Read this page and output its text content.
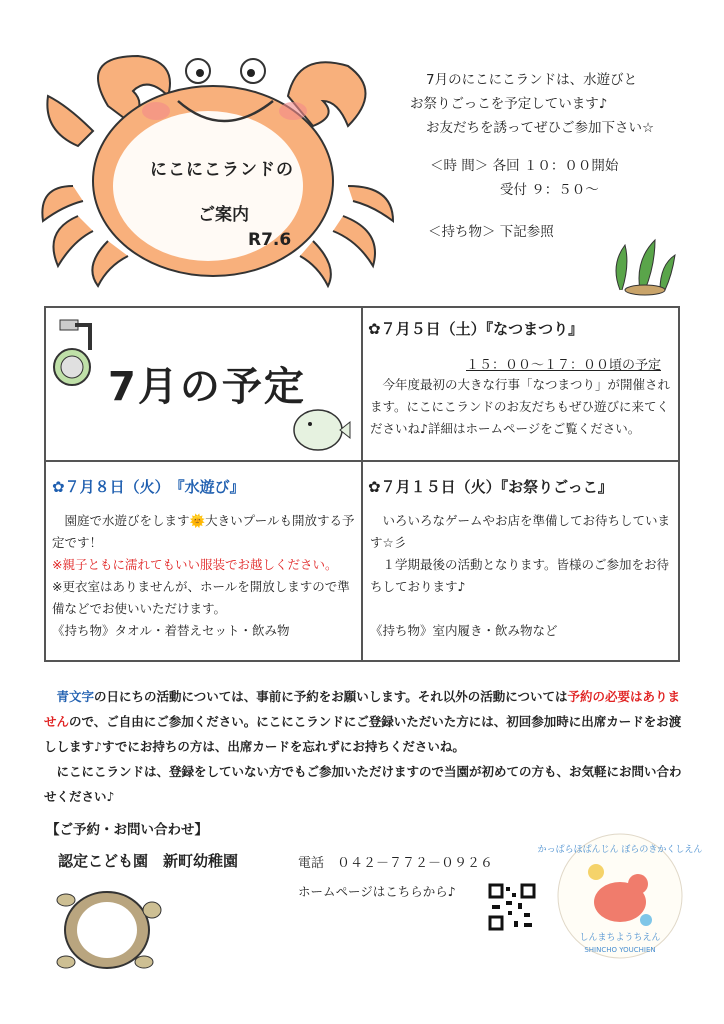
にこにこランドの
ご案内
R7.6
7月のにこにこランドは、水遊びと
お祭りごっこを予定しています♪
お友だちを誘ってぜひご参加下さい☆
＜時 間＞ 各回 １０：００開始
受付 ９：５０～
＜持ち物＞ 下記参照
7月の予定
✿７月５日（土）『なつまつり』
１５：００～１７：００頃の予定
今年度最初の大きな行事「なつまつり」が開催されます。にこにこランドのお友だちもぜひ遊びに来てくださいね♪詳細はホームページをご覧ください。
✿７月８日（火）　『水遊び』
園庭で水遊びをします🌞大きいプールも開放する予定です！
※親子ともに濡れてもいい服装でお越しください。
※更衣室はありませんが、ホールを開放しますので準備などでお使いいただけます。
《持ち物》タオル・着替えセット・飲み物
✿７月１５日（火）『お祭りごっこ』
いろいろなゲームやお店を準備してお待ちしています☆彡
１学期最後の活動となります。皆様のご参加をお待ちしております♪
《持ち物》室内履き・飲み物など
青文字の日にちの活動については、事前に予約をお願いします。それ以外の活動については予約の必要はありませんので、ご自由にご参加ください。にこにこランドにご登録いただいた方には、初回参加時に出席カードをお渡しします♪すでにお持ちの方は、出席カードを忘れずにお持ちくださいね。
にこにこランドは、登録をしていない方でもご参加いただけますので当園が初めての方も、お気軽にお問い合わせください♪
【ご予約・お問い合わせ】
認定こども園　新町幼稚園	電話　０４２－７７２－０９２６
ホームページはこちらから♪
かっぱらほぱんじん ぼらのきかくしえん
しんまちようちえん
SHINCHO YOUCHIEN
